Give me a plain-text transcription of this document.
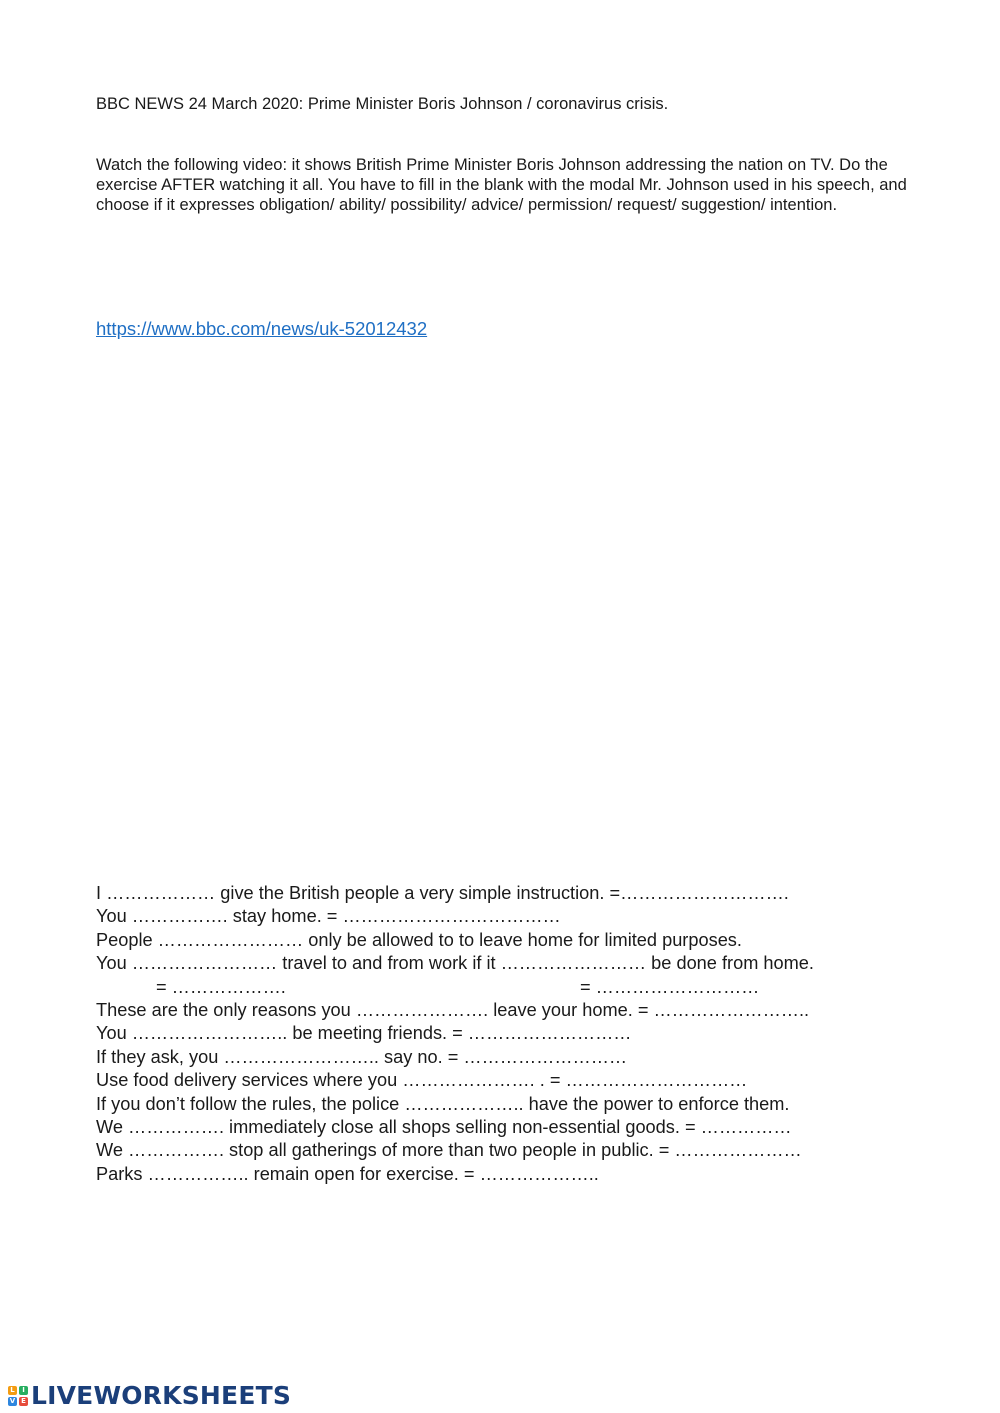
BBC NEWS 24 March 2020: Prime Minister Boris Johnson / coronavirus crisis.
Watch the following video: it shows British Prime Minister Boris Johnson addressing the nation on TV. Do the exercise AFTER watching it all. You have to fill in the blank with the modal Mr. Johnson used in his speech, and choose if it expresses obligation/ ability/ possibility/ advice/ permission/ request/ suggestion/ intention.
https://www.bbc.com/news/uk-52012432
I ……………… give the British people a very simple instruction. =……………………….
You ……………. stay home. = ………………………………
People …………………… only be allowed to to leave home for limited purposes.
You …………………… travel to and from work if it …………………… be done from home.
= ……………….	= ………………………
These are the only reasons you …………………. leave your home. = ……………………..
You …………………….. be meeting friends. = ………………………
If they ask, you …………………….. say no. = ………………………
Use food delivery services where you …………………. . = …………………………
If you don’t follow the rules, the police ……………….. have the power to enforce them.
We ……………. immediately close all shops selling non-essential goods. = ……………
We ……………. stop all gatherings of more than two people in public. = …………………
Parks …………….. remain open for exercise. = ………………..
L	I
V E LIVEWORKSHEETS
